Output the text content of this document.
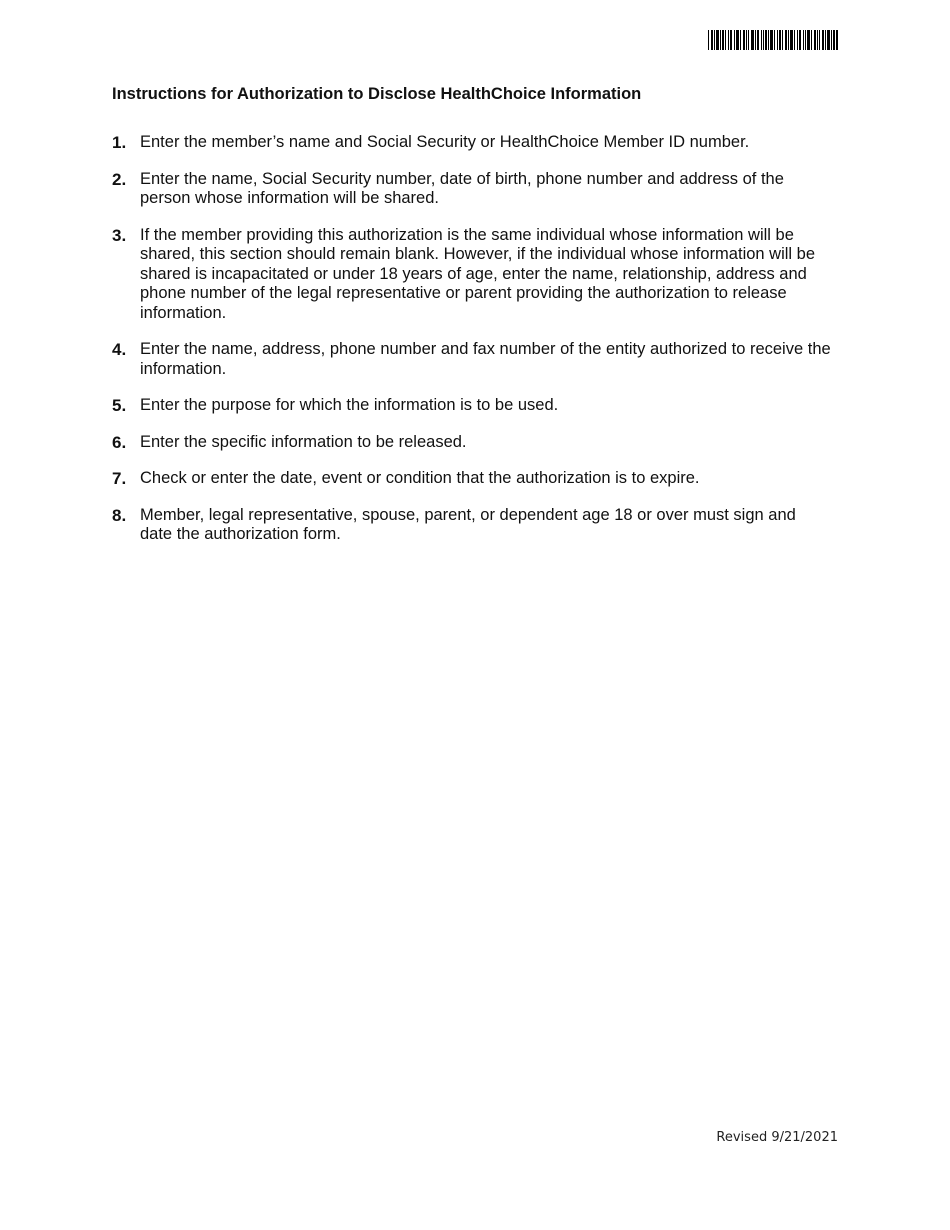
Instructions for Authorization to Disclose HealthChoice Information
1. Enter the member’s name and Social Security or HealthChoice Member ID number.
2. Enter the name, Social Security number, date of birth, phone number and address of the person whose information will be shared.
3. If the member providing this authorization is the same individual whose information will be shared, this section should remain blank. However, if the individual whose information will be shared is incapacitated or under 18 years of age, enter the name, relationship, address and phone number of the legal representative or parent providing the authorization to release information.
4. Enter the name, address, phone number and fax number of the entity authorized to receive the information.
5. Enter the purpose for which the information is to be used.
6. Enter the specific information to be released.
7. Check or enter the date, event or condition that the authorization is to expire.
8. Member, legal representative, spouse, parent, or dependent age 18 or over must sign and date the authorization form.
Revised 9/21/2021
